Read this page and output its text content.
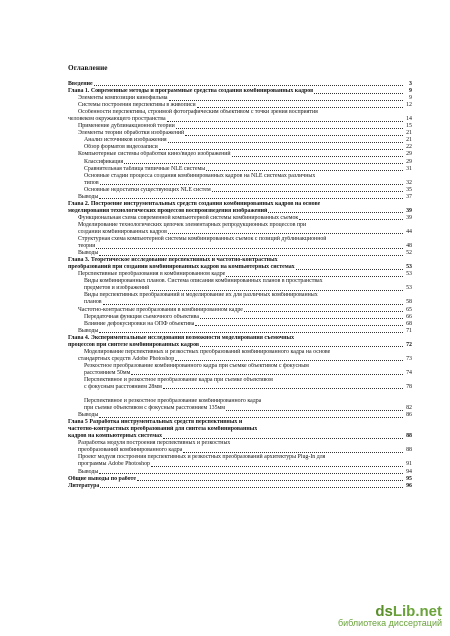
Оглавление
Введение	3
Глава 1. Современные методы и программные средства создания комбинированных кадров	9
Элементы композиции кинофильма	9
Системы построения перспективы в живописи	12
Особенности перспективы, строимой фотографическим объективом с точки зрения восприятия
человеком окружающего пространства	14
Применение дублинакционной теории	15
Элементы теории обработки изображений	21
Анализ источников изображения	21
Обзор форматов видеозаписи	22
Компьютерные системы обработки кино/видео изображений	29
Классификация	29
Сравнительная таблица типичные NLE системы	31
Основные стадии процесса создания комбинированных кадров на NLE системах различных
типов	32
Основные недостатки существующих NLE систем	35
Выводы	37
Глава 2. Построение инструментальных средств создания комбинированных кадров на основе
моделирования технологических процессов воспроизведения изображений	39
Функциональная схема современной компьютерной системы комбинированных съемок	39
Моделирование технологических цепочек элементарных репродукционных процессов при
создании комбинированных кадров	44
Структурная схема компьютерной системы комбинированных съемок с позиций дублинакционной
теории	48
Выводы	52
Глава 3. Теоретическое исследование перспективных и частотно-контрастных
преобразований при создании комбинированных кадров на компьютерных системах	53
Перспективные преобразования в комбинированном кадре	53
Виды комбинированных планов. Система описания комбинированных планов в пространствах
предметов и изображений	53
Виды перспективных преобразований и моделирование их для различных комбинированных
планов	58
Частотно-контрастные преобразования в комбинированном кадре	65
Передаточная функция съемочного объектива	66
Влияние дефокусировки на ОПФ объектива	68
Выводы	71
Глава 4. Экспериментальные исследования возможности моделирования съемочных
процессов при синтезе комбинированных кадров	72
Моделирование перспективных и резкостных преобразований комбинированного кадра на основе
стандартных средств Adobe Photoshop	73
Резкостное преобразование комбинированного кадра при съемке объективом с фокусным
расстоянием 50мм	74
Перспективное и резкостное преобразование кадра при съемке объективом
с фокусным расстоянием 28мм	78
Перспективное и резкостное преобразование комбинированного кадра
при съемке объективом с фокусным расстоянием 135мм	82
Выводы	86
Глава 5 Разработка инструментальных средств перспективных и
частотно-контрастных преобразований для синтеза комбинированных
кадров на компьютерных системах	88
Разработка модуля построения перспективных и резкостных
преобразований комбинированного кадра	88
Проект модуля построения перспективных и резкостных преобразований архитектуры Plug-In для
программы Adobe Photoshop	91
Выводы	94
Общие выводы по работе	95
Литература	96
dsLib.net
библиотека диссертаций
